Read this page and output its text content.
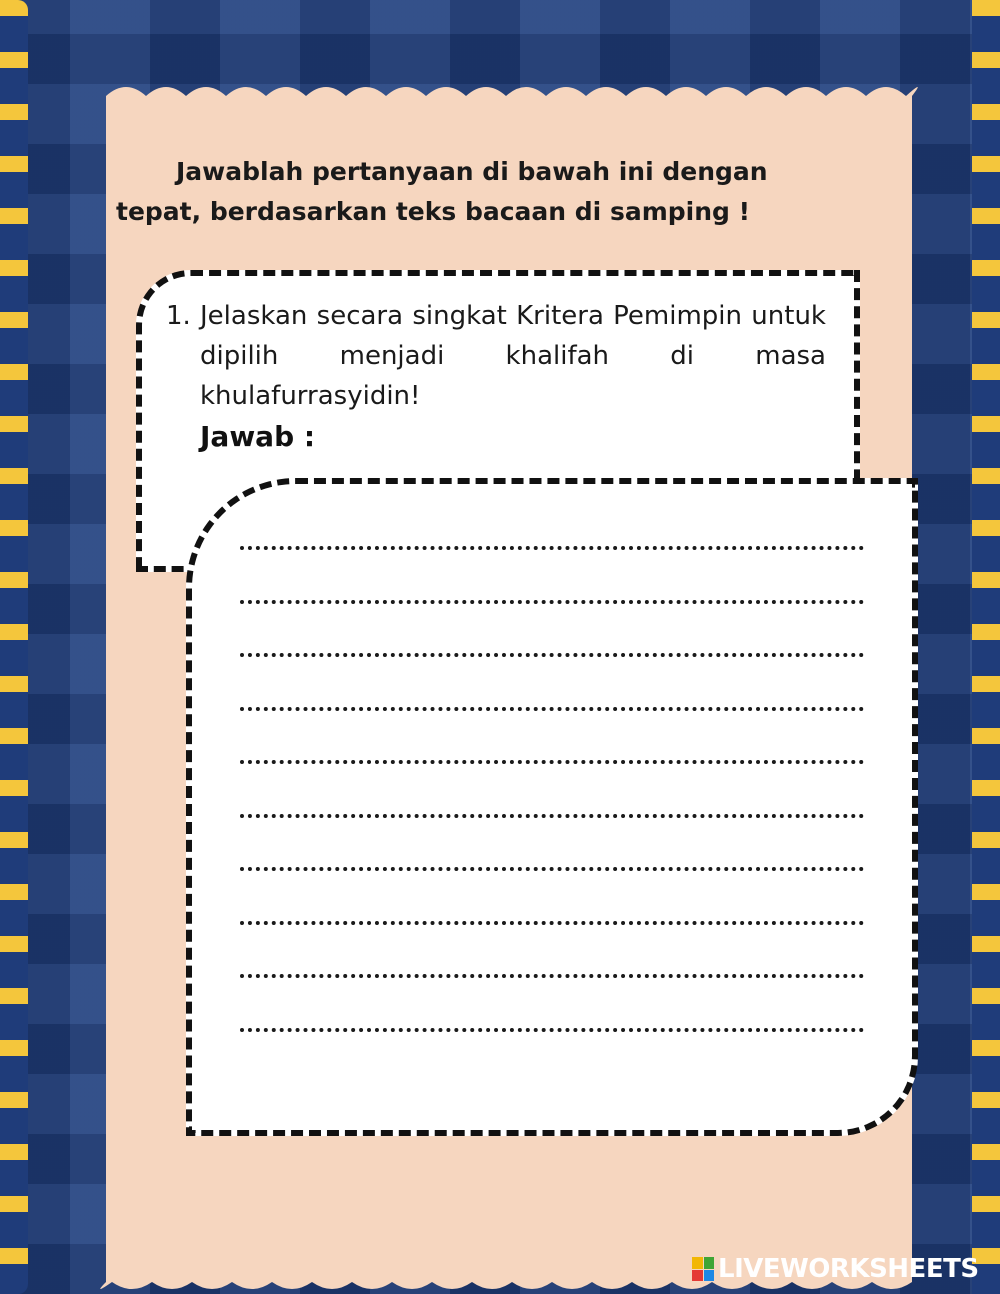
Jawablah pertanyaan di bawah ini dengan tepat, berdasarkan teks bacaan di samping !

1. Jelaskan secara singkat Kritera Pemimpin untuk dipilih menjadi khalifah di masa khulafurrasyidin!

Jawab :

LIVEWORKSHEETS
